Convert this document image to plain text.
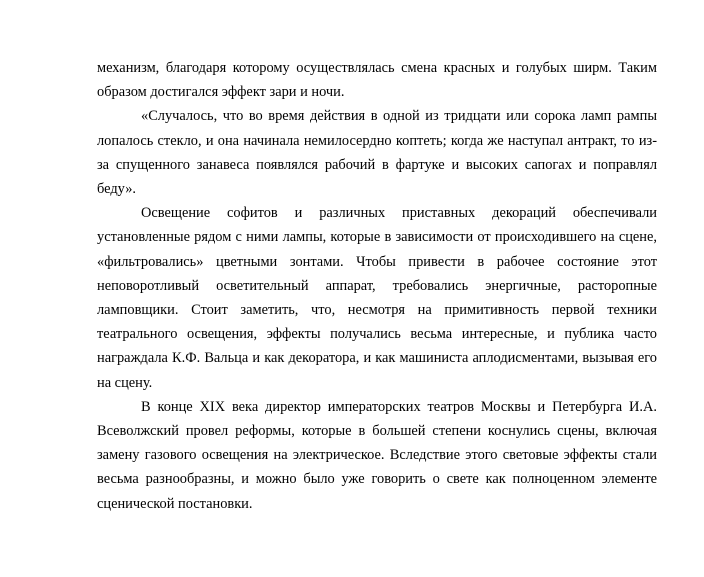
механизм, благодаря которому осуществлялась смена красных и голубых ширм. Таким образом достигался эффект зари и ночи.

«Случалось, что во время действия в одной из тридцати или сорока ламп рампы лопалось стекло, и она начинала немилосердно коптеть; когда же наступал антракт, то из-за спущенного занавеса появлялся рабочий в фартуке и высоких сапогах и поправлял беду».

Освещение софитов и различных приставных декораций обеспечивали установленные рядом с ними лампы, которые в зависимости от происходившего на сцене, «фильтровались» цветными зонтами. Чтобы привести в рабочее состояние этот неповоротливый осветительный аппарат, требовались энергичные, расторопные ламповщики. Стоит заметить, что, несмотря на примитивность первой техники театрального освещения, эффекты получались весьма интересные, и публика часто награждала К.Ф. Вальца и как декоратора, и как машиниста аплодисментами, вызывая его на сцену.

В конце XIX века директор императорских театров Москвы и Петербурга И.А. Всеволжский провел реформы, которые в большей степени коснулись сцены, включая замену газового освещения на электрическое. Вследствие этого световые эффекты стали весьма разнообразны, и можно было уже говорить о свете как полноценном элементе сценической постановки.
